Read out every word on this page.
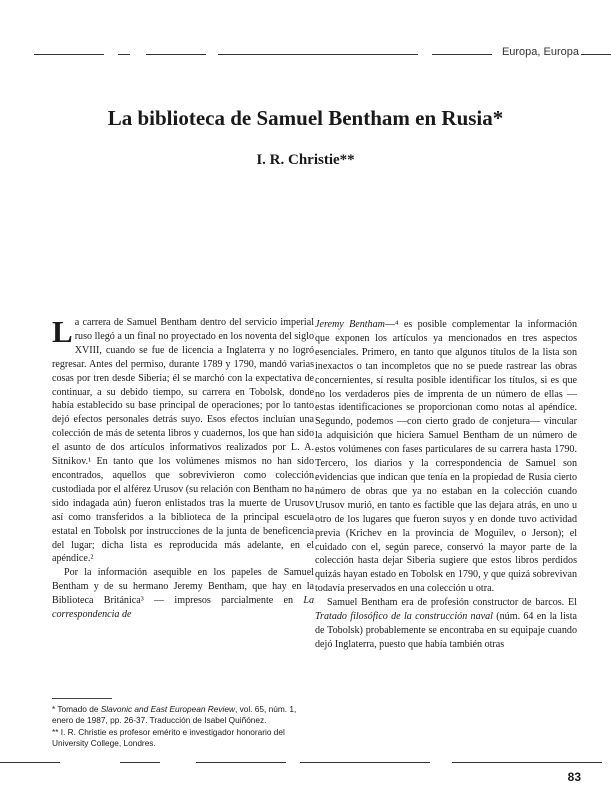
Europa, Europa
La biblioteca de Samuel Bentham en Rusia*
I. R. Christie**

La carrera de Samuel Bentham dentro del servicio imperial ruso llegó a un final no proyectado en los noventa del siglo XVIII, cuando se fue de licencia a Inglaterra y no logró regresar. Antes del permiso, durante 1789 y 1790, mandó varias cosas por tren desde Siberia; él se marchó con la expectativa de continuar, a su debido tiempo, su carrera en Tobolsk, donde había establecido su base principal de operaciones; por lo tanto dejó efectos personales detrás suyo. Esos efectos incluían una colección de más de setenta libros y cuadernos, los que han sido el asunto de dos artículos informativos realizados por L. A. Sitnikov.¹ En tanto que los volúmenes mismos no han sido encontrados, aquellos que sobrevivieron como colección custodiada por el alférez Urusov (su relación con Bentham no ha sido indagada aún) fueron enlistados tras la muerte de Urusov así como transferidos a la biblioteca de la principal escuela estatal en Tobolsk por instrucciones de la junta de beneficencia del lugar; dicha lista es reproducida más adelante, en el apéndice.²

Por la información asequible en los papeles de Samuel Bentham y de su hermano Jeremy Bentham, que hay en la Biblioteca Británica³ — impresos parcialmente en La correspondencia de

* Tomado de Slavonic and East European Review, vol. 65, núm. 1, enero de 1987, pp. 26-37. Traducción de Isabel Quiñónez.

** I. R. Christie es profesor emérito e investigador honorario del University College, Londres.

Jeremy Bentham—⁴ es posible complementar la información que exponen los artículos ya mencionados en tres aspectos esenciales. Primero, en tanto que algunos títulos de la lista son inexactos o tan incompletos que no se puede rastrear las obras concernientes, sí resulta posible identificar los títulos, si es que no los verdaderos pies de imprenta de un número de ellas —estas identificaciones se proporcionan como notas al apéndice. Segundo, podemos —con cierto grado de conjetura— vincular la adquisición que hiciera Samuel Bentham de un número de estos volúmenes con fases particulares de su carrera hasta 1790. Tercero, los diarios y la correspondencia de Samuel son evidencias que indican que tenía en la propiedad de Rusia cierto número de obras que ya no estaban en la colección cuando Urusov murió, en tanto es factible que las dejara atrás, en uno u otro de los lugares que fueron suyos y en donde tuvo actividad previa (Krichev en la provincia de Moguilev, o Jerson); el cuidado con el, según parece, conservó la mayor parte de la colección hasta dejar Siberia sugiere que estos libros perdidos quizás hayan estado en Tobolsk en 1790, y que quizá sobrevivan todavía preservados en una colección u otra.

Samuel Bentham era de profesión constructor de barcos. El Tratado filosófico de la construcción naval (núm. 64 en la lista de Tobolsk) probablemente se encontraba en su equipaje cuando dejó Inglaterra, puesto que había también otras

83
